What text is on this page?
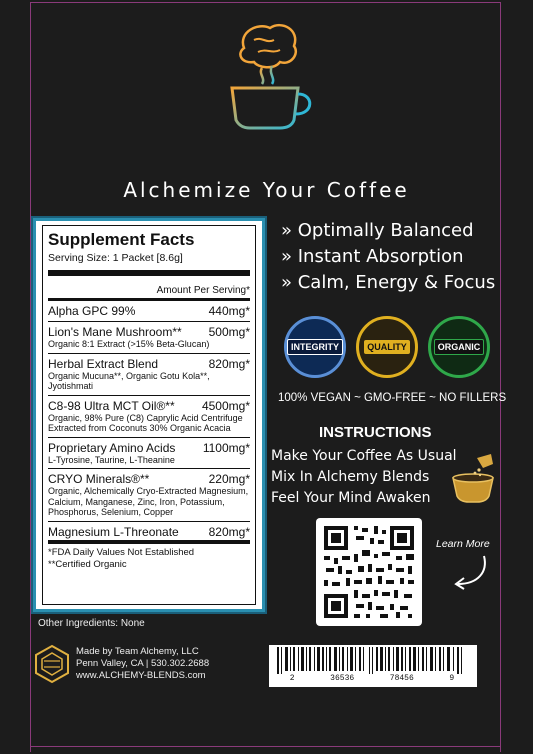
Alchemize Your Coffee
Supplement Facts
Serving Size: 1 Packet [8.6g]
Amount Per Serving*
Alpha GPC 99%	440mg*
Lion's Mane Mushroom** 500mg*
Organic 8:1 Extract (>15% Beta-Glucan)
Herbal Extract Blend	820mg*
Organic Mucuna**, Organic Gotu Kola**, Jyotishmati
C8-98 Ultra MCT Oil®** 4500mg*
Organic, 98% Pure (C8) Caprylic Acid Centrifuge Extracted from Coconuts 30% Organic Acacia
Proprietary Amino Acids 1100mg*
L-Tyrosine, Taurine, L-Theanine
CRYO Minerals®**	220mg*
Organic, Alchemically Cryo-Extracted Magnesium, Calcium, Manganese, Zinc, Iron, Potassium, Phosphorus, Selenium, Copper
Magnesium L-Threonate 820mg*
*FDA Daily Values Not Established
**Certified Organic
Other Ingredients: None
Made by Team Alchemy, LLC
Penn Valley, CA | 530.302.2688
www.ALCHEMY-BLENDS.com
» Optimally Balanced
» Instant Absorption
» Calm, Energy & Focus
INTEGRITY	QUALITY	ORGANIC
100% VEGAN ~ GMO-FREE ~ NO FILLERS
INSTRUCTIONS
Make Your Coffee As Usual
Mix In Alchemy Blends
Feel Your Mind Awaken
Learn More
2	36536	78456	9
